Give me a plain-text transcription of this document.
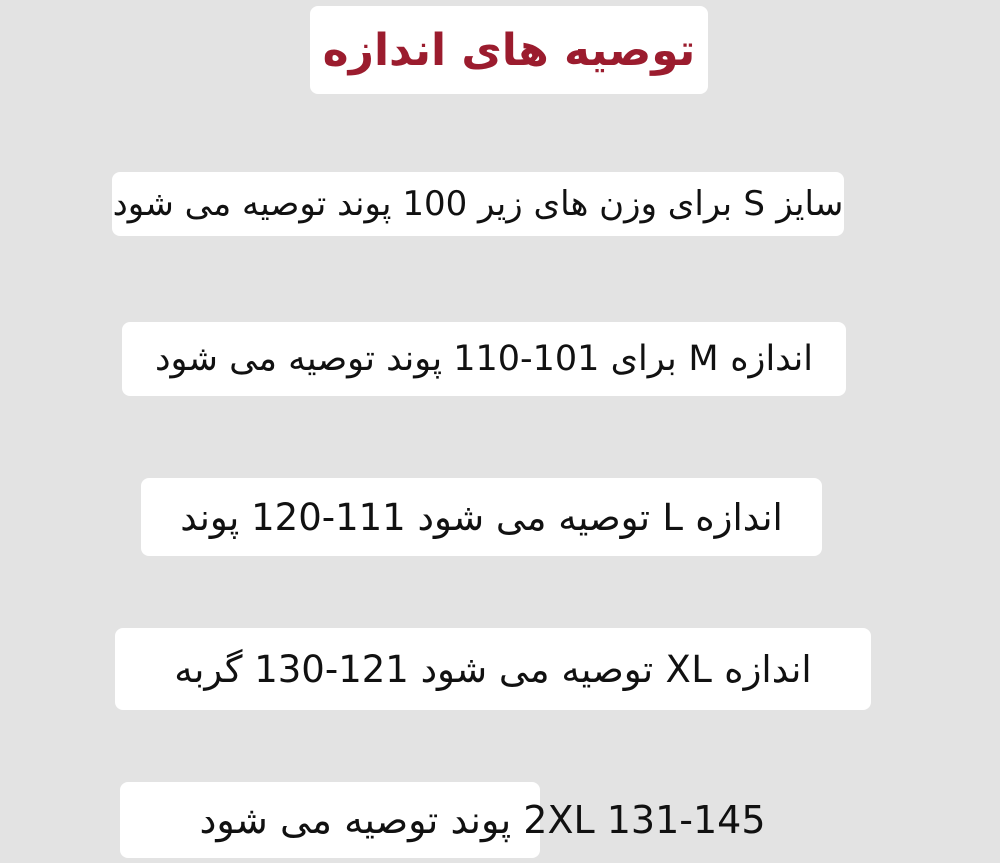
توصیه های اندازه
سایز S برای وزن های زیر 100 پوند توصیه می شود
اندازه M برای 101-110 پوند توصیه می شود
اندازه L توصیه می شود 111-120 پوند
اندازه XL توصیه می شود 121-130 گربه
2XL 131-145 پوند توصیه می شود
